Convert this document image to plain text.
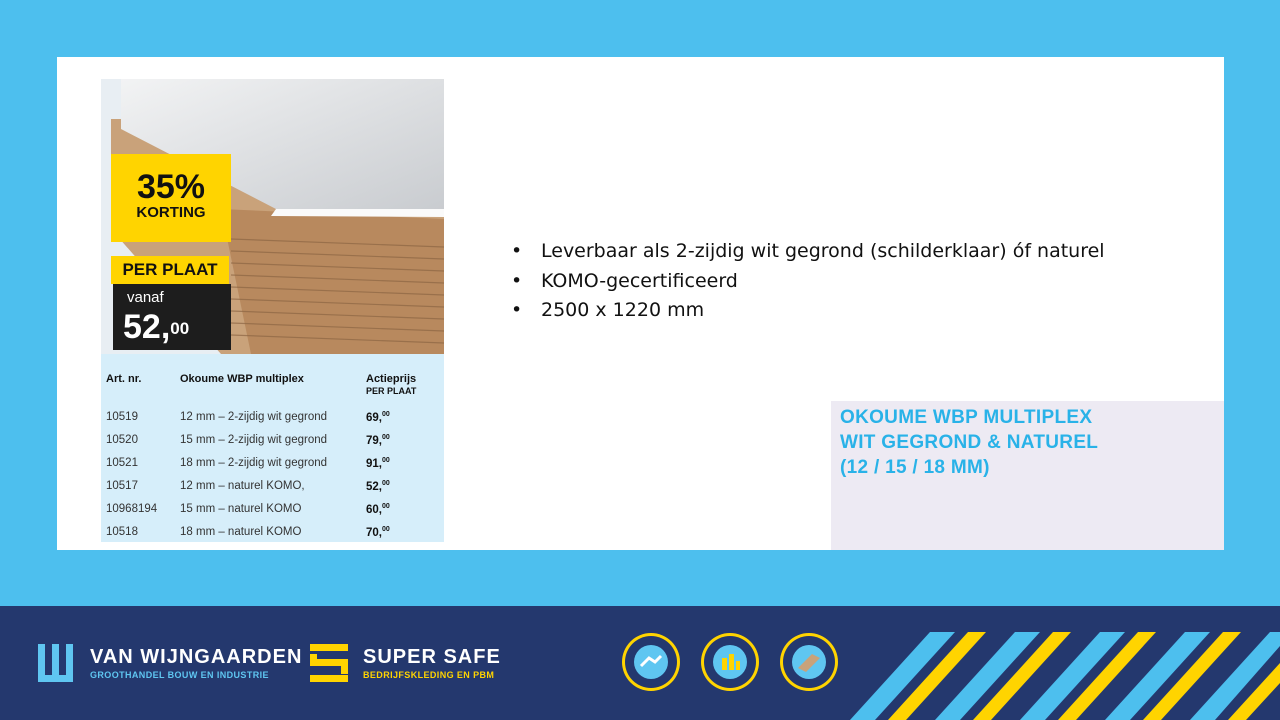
35%
KORTING
PER PLAAT
vanaf
52,00
Art. nr.	Okoume WBP multiplex	Actieprijs
PER PLAAT
10519	12 mm – 2-zijdig wit gegrond	69,00
10520	15 mm – 2-zijdig wit gegrond	79,00
10521	18 mm – 2-zijdig wit gegrond	91,00
10517	12 mm – naturel KOMO,	52,00
10968194 15 mm – naturel KOMO	60,00
10518	18 mm – naturel KOMO	70,00
• Leverbaar als 2-zijdig wit gegrond (schilderklaar) óf naturel
• KOMO-gecertificeerd
• 2500 x 1220 mm
OKOUME WBP MULTIPLEX
WIT GEGROND & NATUREL
(12 / 15 / 18 MM)
VAN WIJNGAARDEN
GROOTHANDEL BOUW EN INDUSTRIE
SUPER SAFE
BEDRIJFSKLEDING EN PBM
